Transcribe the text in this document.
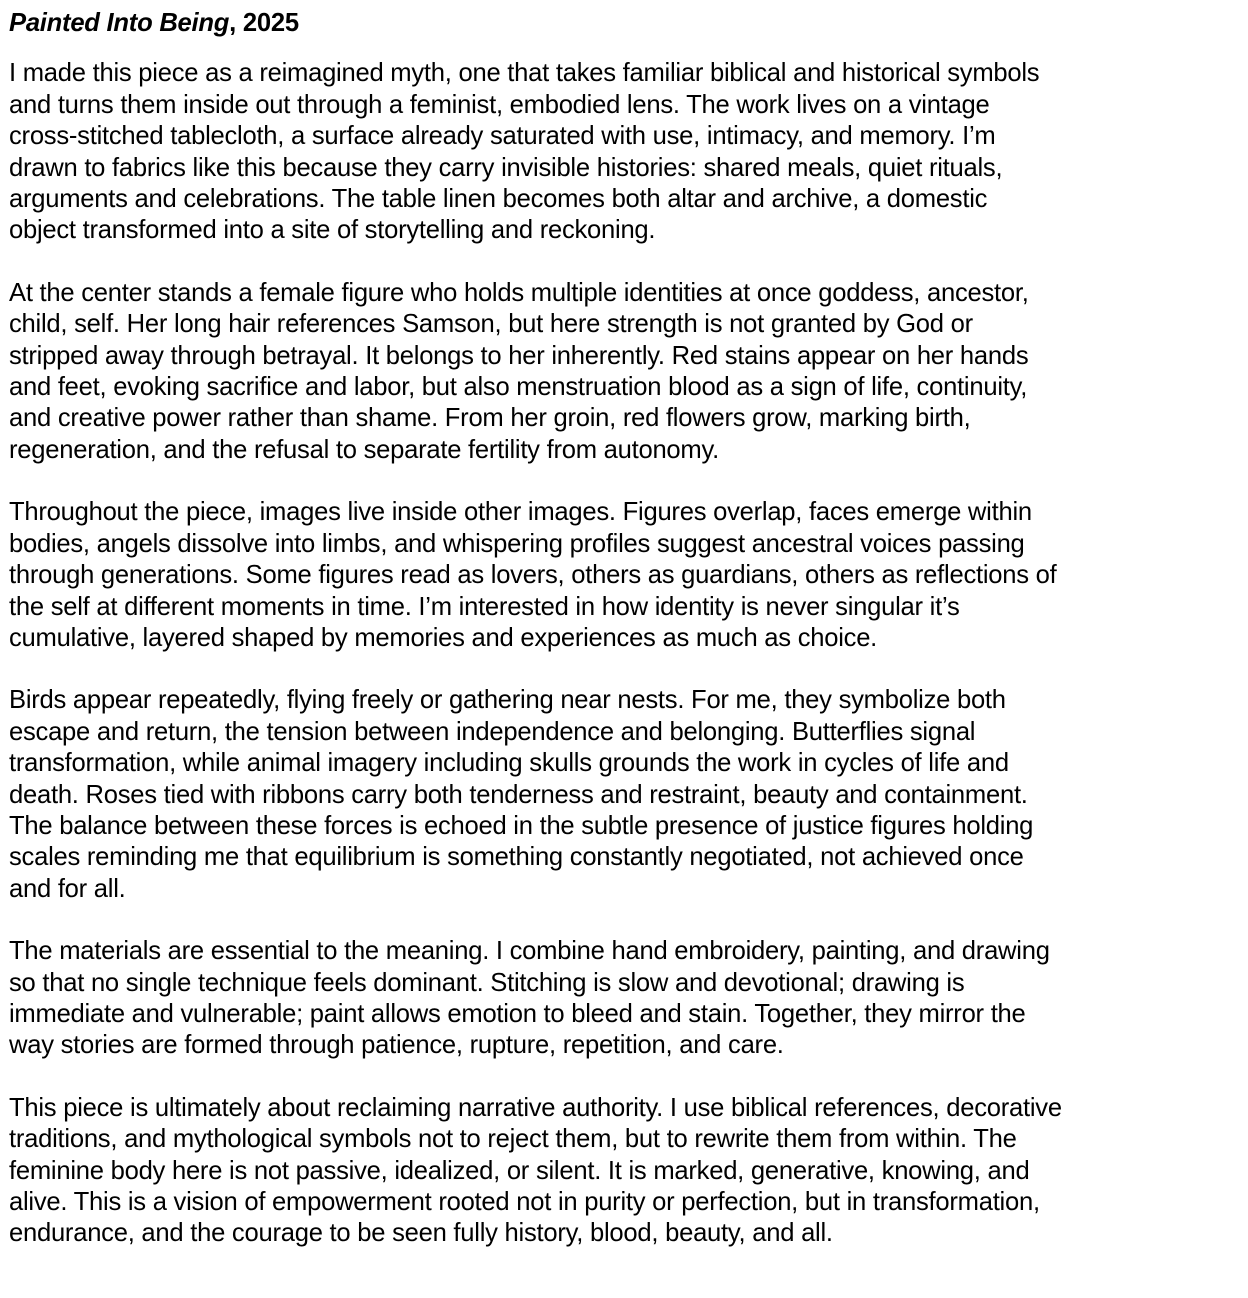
Painted Into Being, 2025

I made this piece as a reimagined myth, one that takes familiar biblical and historical symbols
and turns them inside out through a feminist, embodied lens. The work lives on a vintage
cross-stitched tablecloth, a surface already saturated with use, intimacy, and memory. I’m
drawn to fabrics like this because they carry invisible histories: shared meals, quiet rituals,
arguments and celebrations. The table linen becomes both altar and archive, a domestic
object transformed into a site of storytelling and reckoning.

At the center stands a female figure who holds multiple identities at once goddess, ancestor,
child, self. Her long hair references Samson, but here strength is not granted by God or
stripped away through betrayal. It belongs to her inherently. Red stains appear on her hands
and feet, evoking sacrifice and labor, but also menstruation blood as a sign of life, continuity,
and creative power rather than shame. From her groin, red flowers grow, marking birth,
regeneration, and the refusal to separate fertility from autonomy.

Throughout the piece, images live inside other images. Figures overlap, faces emerge within
bodies, angels dissolve into limbs, and whispering profiles suggest ancestral voices passing
through generations. Some figures read as lovers, others as guardians, others as reflections of
the self at different moments in time. I’m interested in how identity is never singular it’s
cumulative, layered shaped by memories and experiences as much as choice.

Birds appear repeatedly, flying freely or gathering near nests. For me, they symbolize both
escape and return, the tension between independence and belonging. Butterflies signal
transformation, while animal imagery including skulls grounds the work in cycles of life and
death. Roses tied with ribbons carry both tenderness and restraint, beauty and containment.
The balance between these forces is echoed in the subtle presence of justice figures holding
scales reminding me that equilibrium is something constantly negotiated, not achieved once
and for all.

The materials are essential to the meaning. I combine hand embroidery, painting, and drawing
so that no single technique feels dominant. Stitching is slow and devotional; drawing is
immediate and vulnerable; paint allows emotion to bleed and stain. Together, they mirror the
way stories are formed through patience, rupture, repetition, and care.

This piece is ultimately about reclaiming narrative authority. I use biblical references, decorative
traditions, and mythological symbols not to reject them, but to rewrite them from within. The
feminine body here is not passive, idealized, or silent. It is marked, generative, knowing, and
alive. This is a vision of empowerment rooted not in purity or perfection, but in transformation,
endurance, and the courage to be seen fully history, blood, beauty, and all.
